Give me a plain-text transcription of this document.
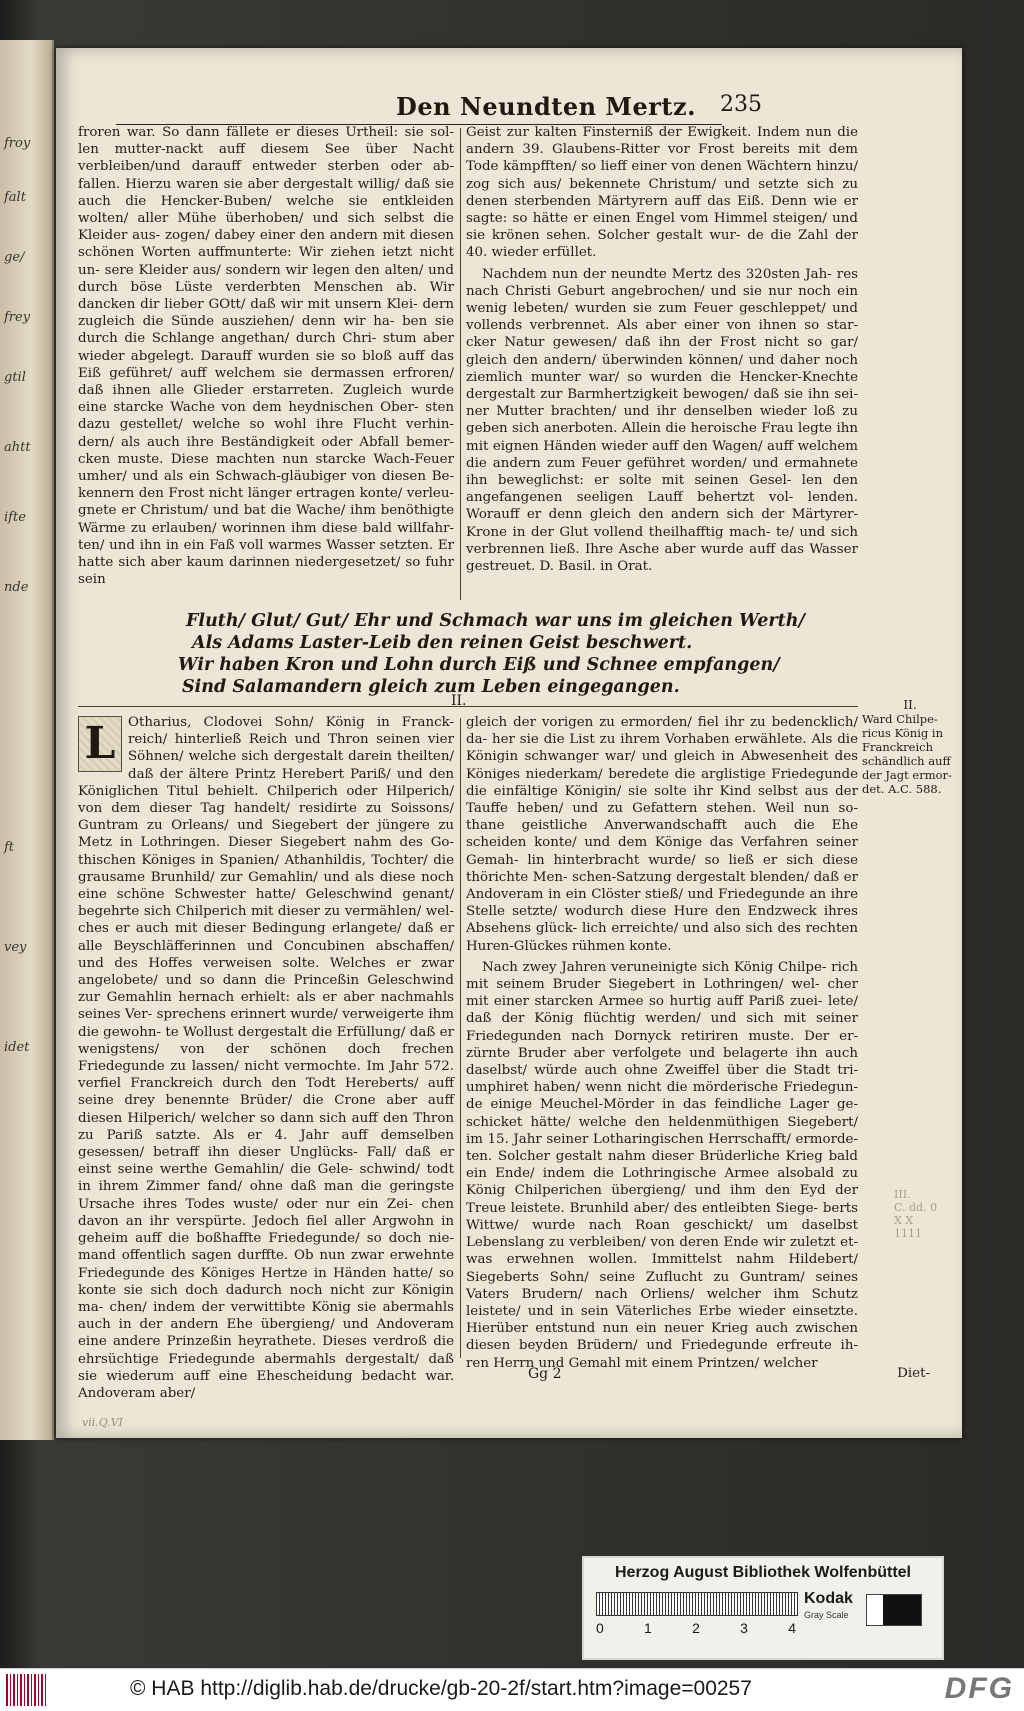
froy
falt
ge/
frey
gtil
ahtt
ifte
nde
ft
vey
idet
Den Neundten Mertz. 235

froren war. So dann fällete er dieses Urtheil: sie sol- len mutter-nackt auff diesem See über Nacht verbleiben/und darauff entweder sterben oder ab- fallen. Hierzu waren sie aber dergestalt willig/ daß sie auch die Hencker-Buben/ welche sie entkleiden wolten/ aller Mühe überhoben/ und sich selbst die Kleider aus- zogen/ dabey einer den andern mit diesen schönen Worten auffmunterte: Wir ziehen ietzt nicht un- sere Kleider aus/ sondern wir legen den alten/ und durch böse Lüste verderbten Menschen ab. Wir dancken dir lieber GOtt/ daß wir mit unsern Klei- dern zugleich die Sünde ausziehen/ denn wir ha- ben sie durch die Schlange angethan/ durch Chri- stum aber wieder abgelegt. Darauff wurden sie so bloß auff das Eiß geführet/ auff welchem sie dermassen erfroren/ daß ihnen alle Glieder erstarreten. Zugleich wurde eine starcke Wache von dem heydnischen Ober- sten dazu gestellet/ welche so wohl ihre Flucht verhin- dern/ als auch ihre Beständigkeit oder Abfall bemer- cken muste. Diese machten nun starcke Wach-Feuer umher/ und als ein Schwach-gläubiger von diesen Be- kennern den Frost nicht länger ertragen konte/ verleu- gnete er Christum/ und bat die Wache/ ihm benöthigte Wärme zu erlauben/ worinnen ihm diese bald willfahr- ten/ und ihn in ein Faß voll warmes Wasser setzten. Er hatte sich aber kaum darinnen niedergesetzet/ so fuhr sein

Geist zur kalten Finsterniß der Ewigkeit. Indem nun die andern 39. Glaubens-Ritter vor Frost bereits mit dem Tode kämpfften/ so lieff einer von denen Wächtern hinzu/ zog sich aus/ bekennete Christum/ und setzte sich zu denen sterbenden Märtyrern auff das Eiß. Denn wie er sagte: so hätte er einen Engel vom Himmel steigen/ und sie krönen sehen. Solcher gestalt wur- de die Zahl der 40. wieder erfüllet.

Nachdem nun der neundte Mertz des 320sten Jah- res nach Christi Geburt angebrochen/ und sie nur noch ein wenig lebeten/ wurden sie zum Feuer geschleppet/ und vollends verbrennet. Als aber einer von ihnen so star- cker Natur gewesen/ daß ihn der Frost nicht so gar/ gleich den andern/ überwinden können/ und daher noch ziemlich munter war/ so wurden die Hencker-Knechte dergestalt zur Barmhertzigkeit bewogen/ daß sie ihn sei- ner Mutter brachten/ und ihr denselben wieder loß zu geben sich anerboten. Allein die heroische Frau legte ihn mit eignen Händen wieder auff den Wagen/ auff welchem die andern zum Feuer geführet worden/ und ermahnete ihn beweglichst: er solte mit seinen Gesel- len den angefangenen seeligen Lauff behertzt vol- lenden. Worauff er denn gleich den andern sich der Märtyrer-Krone in der Glut vollend theilhafftig mach- te/ und sich verbrennen ließ. Ihre Asche aber wurde auff das Wasser gestreuet. D. Basil. in Orat.

Fluth/ Glut/ Gut/ Ehr und Schmach war uns im gleichen Werth/
Als Adams Laster-Leib den reinen Geist beschwert.
Wir haben Kron und Lohn durch Eiß und Schnee empfangen/
Sind Salamandern gleich zum Leben eingegangen.
II.
L Otharius, Clodovei Sohn/ König in Franck- reich/ hinterließ Reich und Thron seinen vier Söhnen/ welche sich dergestalt darein theilten/ daß der ältere Printz Herebert Pariß/ und den Königlichen Titul behielt. Chilperich oder Hilperich/ von dem dieser Tag handelt/ residirte zu Soissons/ Guntram zu Orleans/ und Siegebert der jüngere zu Metz in Lothringen. Dieser Siegebert nahm des Go- thischen Königes in Spanien/ Athanhildis, Tochter/ die grausame Brunhild/ zur Gemahlin/ und als diese noch eine schöne Schwester hatte/ Geleschwind genant/ begehrte sich Chilperich mit dieser zu vermählen/ wel- ches er auch mit dieser Bedingung erlangete/ daß er alle Beyschläfferinnen und Concubinen abschaffen/ und des Hoffes verweisen solte. Welches er zwar angelobete/ und so dann die Princeßin Geleschwind zur Gemahlin hernach erhielt: als er aber nachmahls seines Ver- sprechens erinnert wurde/ verweigerte ihm die gewohn- te Wollust dergestalt die Erfüllung/ daß er wenigstens/ von der schönen doch frechen Friedegunde zu lassen/ nicht vermochte. Im Jahr 572. verfiel Franckreich durch den Todt Hereberts/ auff seine drey benennte Brüder/ die Crone aber auff diesen Hilperich/ welcher so dann sich auff den Thron zu Pariß satzte. Als er 4. Jahr auff demselben gesessen/ betraff ihn dieser Unglücks- Fall/ daß er einst seine werthe Gemahlin/ die Gele- schwind/ todt in ihrem Zimmer fand/ ohne daß man die geringste Ursache ihres Todes wuste/ oder nur ein Zei- chen davon an ihr verspürte. Jedoch fiel aller Argwohn in geheim auff die boßhaffte Friedegunde/ so doch nie- mand offentlich sagen durffte. Ob nun zwar erwehnte Friedegunde des Königes Hertze in Händen hatte/ so konte sie sich doch dadurch noch nicht zur Königin ma- chen/ indem der verwittibte König sie abermahls auch in der andern Ehe übergieng/ und Andoveram eine andere Prinzeßin heyrathete. Dieses verdroß die ehrsüchtige Friedegunde abermahls dergestalt/ daß sie wiederum auff eine Ehescheidung bedacht war. Andoveram aber/

gleich der vorigen zu ermorden/ fiel ihr zu bedencklich/ da- her sie die List zu ihrem Vorhaben erwählete. Als die Königin schwanger war/ und gleich in Abwesenheit des Königes niederkam/ beredete die arglistige Friedegunde die einfältige Königin/ sie solte ihr Kind selbst aus der Tauffe heben/ und zu Gefattern stehen. Weil nun so- thane geistliche Anverwandschafft auch die Ehe scheiden konte/ und dem Könige das Verfahren seiner Gemah- lin hinterbracht wurde/ so ließ er sich diese thörichte Men- schen-Satzung dergestalt blenden/ daß er Andoveram in ein Clöster stieß/ und Friedegunde an ihre Stelle setzte/ wodurch diese Hure den Endzweck ihres Absehens glück- lich erreichte/ und also sich des rechten Huren-Glückes rühmen konte.

Nach zwey Jahren veruneinigte sich König Chilpe- rich mit seinem Bruder Siegebert in Lothringen/ wel- cher mit einer starcken Armee so hurtig auff Pariß zuei- lete/ daß der König flüchtig werden/ und sich mit seiner Friedegunden nach Dornyck retiriren muste. Der er- zürnte Bruder aber verfolgete und belagerte ihn auch daselbst/ würde auch ohne Zweiffel über die Stadt tri- umphiret haben/ wenn nicht die mörderische Friedegun- de einige Meuchel-Mörder in das feindliche Lager ge- schicket hätte/ welche den heldenmüthigen Siegebert/ im 15. Jahr seiner Lotharingischen Herrschafft/ ermorde- ten. Solcher gestalt nahm dieser Brüderliche Krieg bald ein Ende/ indem die Lothringische Armee alsobald zu König Chilperichen übergieng/ und ihm den Eyd der Treue leistete. Brunhild aber/ des entleibten Siege- berts Wittwe/ wurde nach Roan geschickt/ um daselbst Lebenslang zu verbleiben/ von deren Ende wir zuletzt et- was erwehnen wollen. Immittelst nahm Hildebert/ Siegeberts Sohn/ seine Zuflucht zu Guntram/ seines Vaters Brudern/ nach Orliens/ welcher ihm Schutz leistete/ und in sein Väterliches Erbe wieder einsetzte. Hierüber entstund nun ein neuer Krieg auch zwischen diesen beyden Brüdern/ und Friedegunde erfreute ih- ren Herrn und Gemahl mit einem Printzen/ welcher

II.
Ward Chilpe-
ricus König in
Franckreich
schändlich auff
der Jagt ermor-
det. A.C. 588.
III.
C. dd. 0
X X
1111
Gg 2	Diet-
vii.Q.VI
Herzog August Bibliothek Wolfenbüttel
0	1	2	3	4
Kodak
Gray Scale
© HAB http://diglib.hab.de/drucke/gb-20-2f/start.htm?image=00257	DFG
